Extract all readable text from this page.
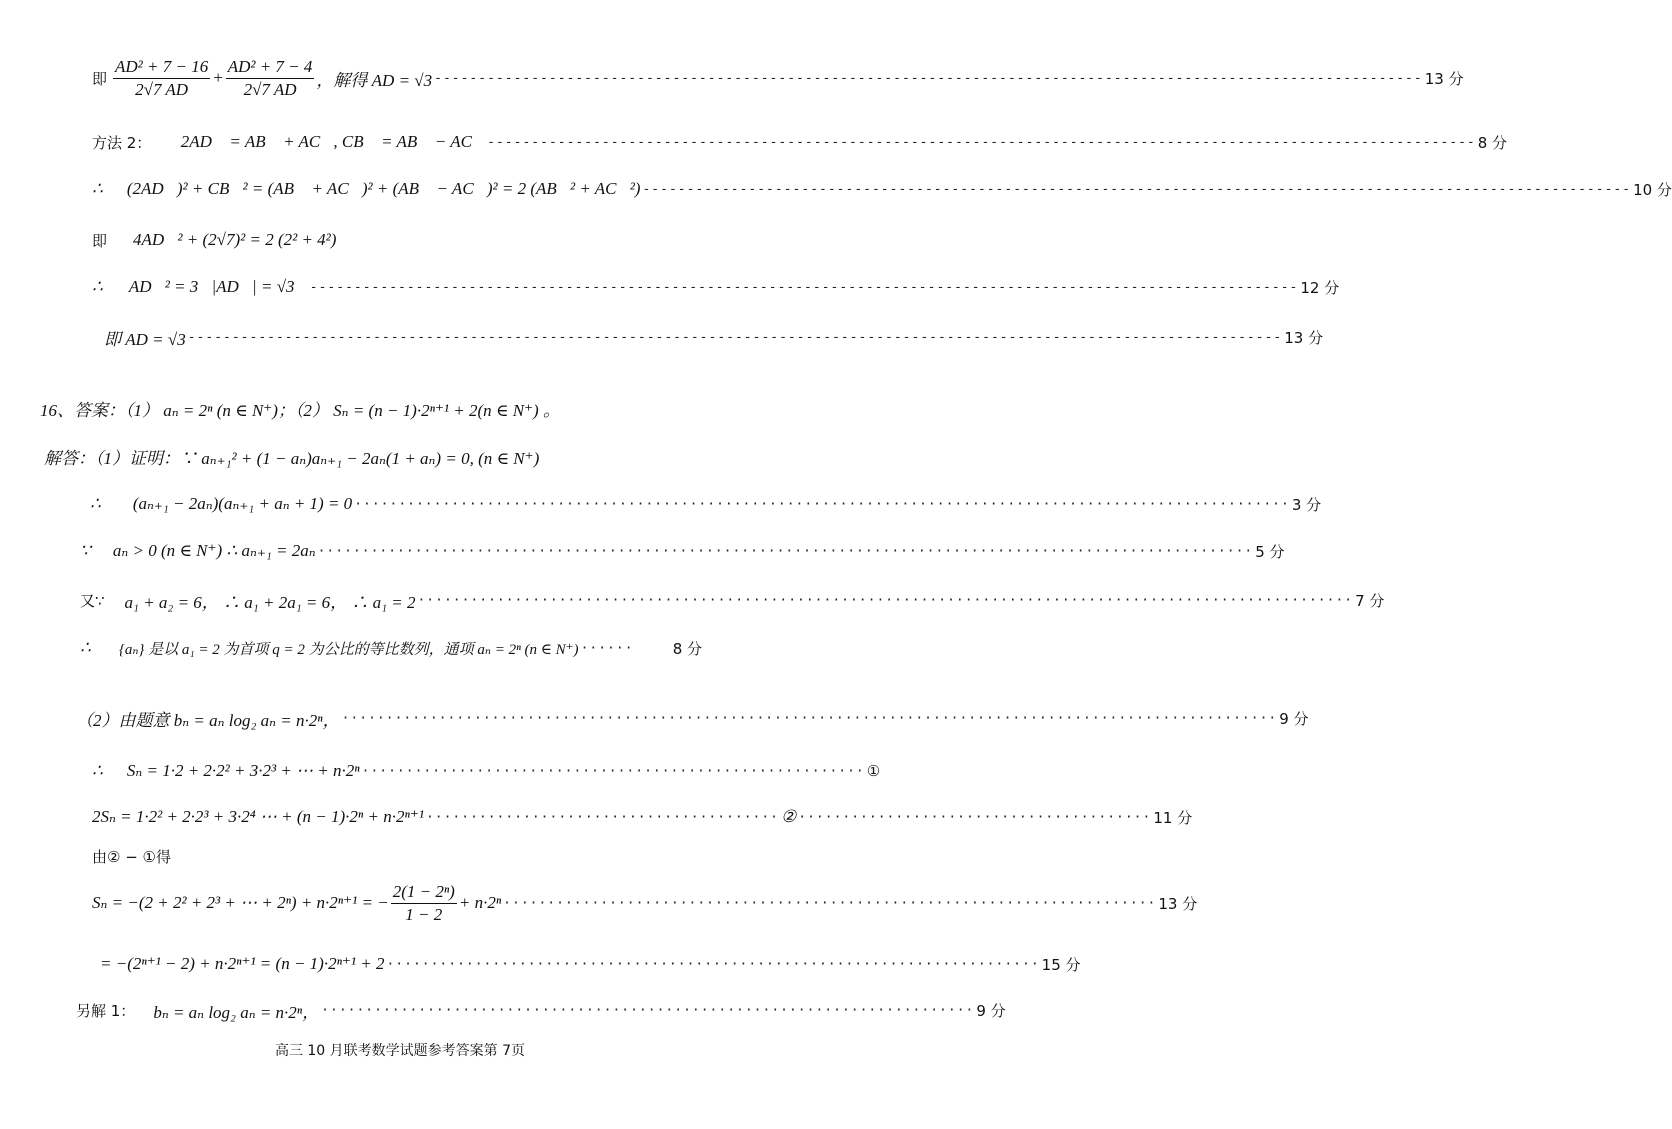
即 $\frac{\text{AD² + 7 − 16}}{2√7 AD} + \frac{\text{AD² + 7 − 4}}{2√7 AD}$ ，解得 AD = √3 ---------------------------------------------------------------------------------------------------------------- 13 分
方法 2： ∵ 2AD⃗ = AB⃗ + AC⃗, CB⃗ = AB⃗ − AC⃗ ---------------------------------------------------------------------------------------------------------------- 8 分
∴ (2AD⃗)² + CB⃗² = (AB⃗ + AC⃗)² + (AB⃗ − AC⃗)² = 2 (AB⃗² + AC⃗²) ---------------------------------------------------------------------------------------------------------------- 10 分
即 4AD⃗² + (2√7)² = 2 (2² + 4²)，
∴ AD⃗² = 3，|AD⃗| = √3， ---------------------------------------------------------------------------------------------------------------- 12 分
即 AD = √3 ---------------------------------------------------------------------------------------------------------------------------- 13 分
16、答案：（1） aₙ = 2ⁿ (n ∈ N⁺)；（2） Sₙ = (n − 1)·2ⁿ⁺¹ + 2(n ∈ N⁺) 。
解答：（1）证明：∵ aₙ₊₁² + (1 − aₙ)aₙ₊₁ − 2aₙ(1 + aₙ) = 0, (n ∈ N⁺)
∴ (aₙ₊₁ − 2aₙ)(aₙ₊₁ + aₙ + 1) = 0 ·········································································································· 3 分
∵ aₙ > 0 (n ∈ N⁺) ∴ aₙ₊₁ = 2aₙ ·········································································································· 5 分
又∵ a₁ + a₂ = 6， ∴ a₁ + 2a₁ = 6， ∴ a₁ = 2 ·········································································································· 7 分
∴ {aₙ} 是以 a₁ = 2 为首项 q = 2 为公比的等比数列，通项 aₙ = 2ⁿ (n ∈ N⁺) ······	8 分
（2）由题意 bₙ = aₙ log₂ aₙ = n·2ⁿ， ·········································································································· 9 分
∴ Sₙ = 1·2 + 2·2² + 3·2³ + ⋯ + n·2ⁿ ························································· ①
2Sₙ = 1·2² + 2·2³ + 3·2⁴ ⋯ + (n − 1)·2ⁿ + n·2ⁿ⁺¹ ········································ ② ········································ 11 分
由② − ①得
Sₙ = −(2 + 2² + 2³ + ⋯ + 2ⁿ) + n·2ⁿ⁺¹ = − $\frac{\text{2(1 − 2ⁿ)}}{1 - 2} + n\cdot 2^n$ ·········································································· 13 分
= −(2ⁿ⁺¹ − 2) + n·2ⁿ⁺¹ = (n − 1)·2ⁿ⁺¹ + 2 ·········································································· 15 分
另解 1： bₙ = aₙ log₂ aₙ = n·2ⁿ， ·········································································· 9 分
高三 10 月联考数学试题参考答案第 7页
